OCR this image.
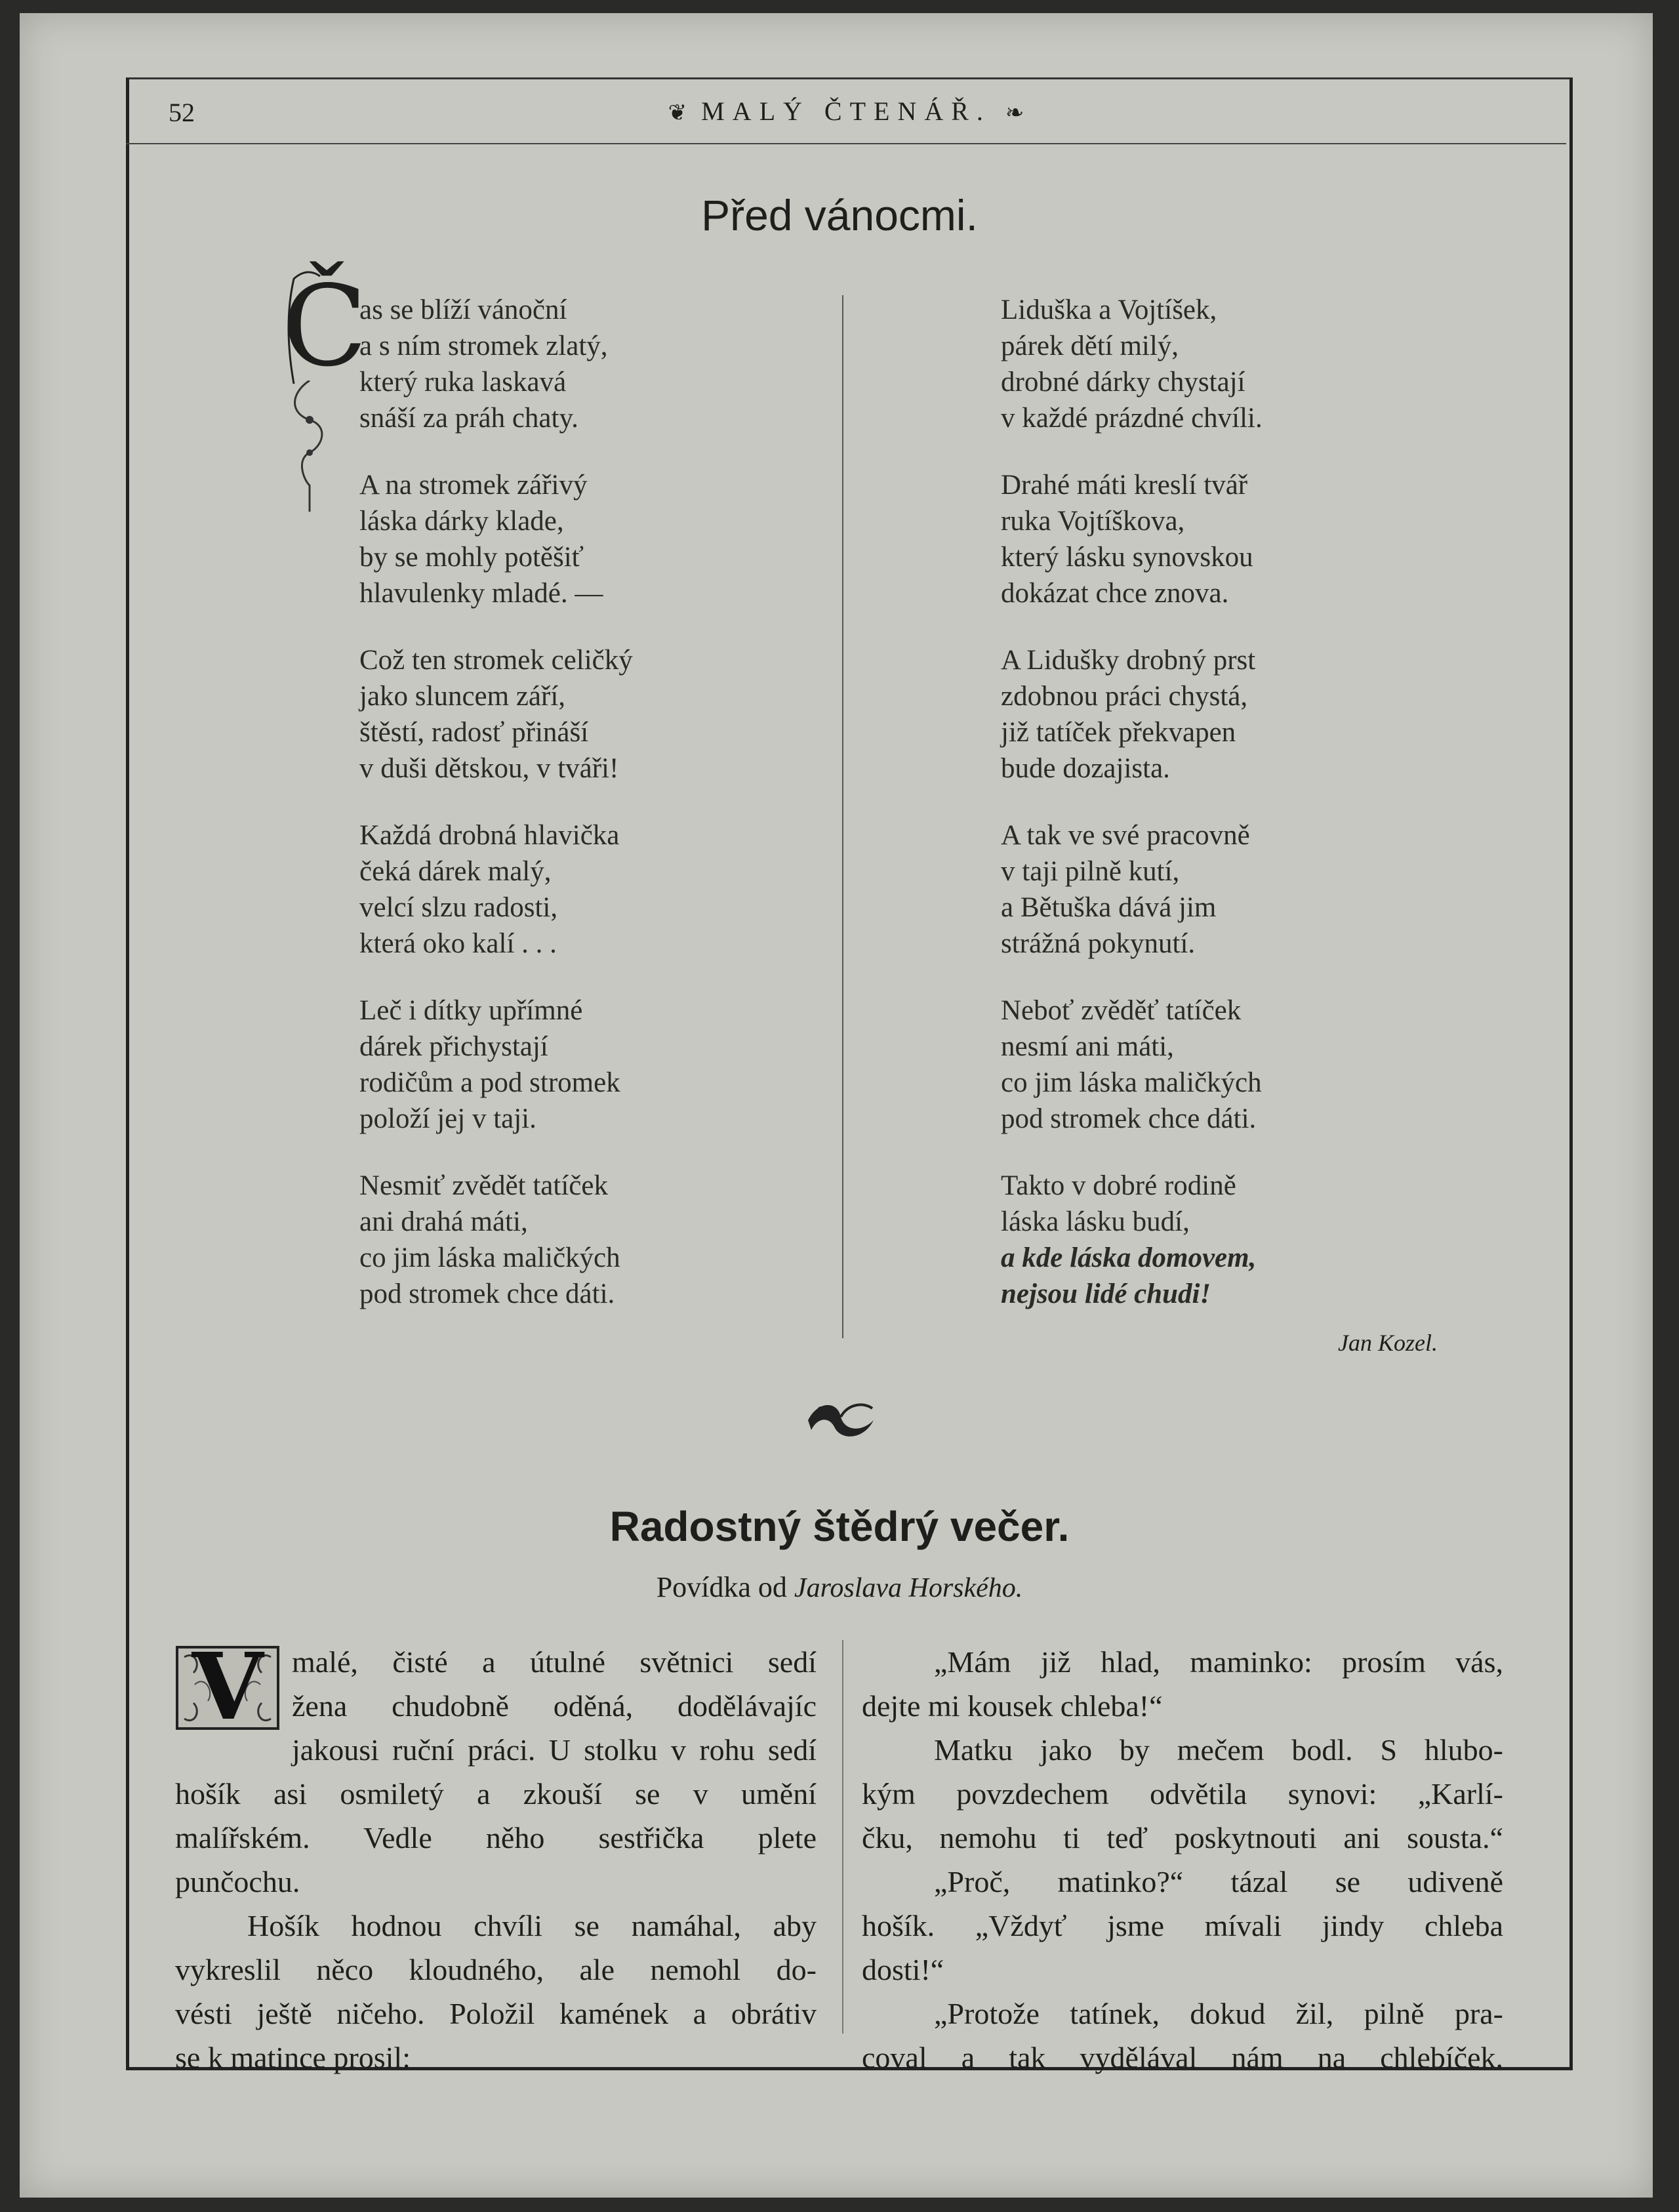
52	❦ MALÝ ČTENÁŘ. ❧
Před vánocmi.
Č
as se blíží vánoční
a s ním stromek zlatý,
který ruka laskavá
snáší za práh chaty.
A na stromek zářivý
láska dárky klade,
by se mohly potěšiť
hlavulenky mladé. —
Což ten stromek celičký
jako sluncem září,
štěstí, radosť přináší
v duši dětskou, v tváři!
Každá drobná hlavička
čeká dárek malý,
velcí slzu radosti,
která oko kalí . . .
Leč i dítky upřímné
dárek přichystají
rodičům a pod stromek
položí jej v taji.
Nesmiť zvědět tatíček
ani drahá máti,
co jim láska maličkých
pod stromek chce dáti.
Liduška a Vojtíšek,
párek dětí milý,
drobné dárky chystají
v každé prázdné chvíli.
Drahé máti kreslí tvář
ruka Vojtíškova,
který lásku synovskou
dokázat chce znova.
A Lidušky drobný prst
zdobnou práci chystá,
již tatíček překvapen
bude dozajista.
A tak ve své pracovně
v taji pilně kutí,
a Bětuška dává jim
strážná pokynutí.
Neboť zvěděť tatíček
nesmí ani máti,
co jim láska maličkých
pod stromek chce dáti.
Takto v dobré rodině
láska lásku budí,
a kde láska domovem,
nejsou lidé chudi!
Jan Kozel.
Radostný štědrý večer.
Povídka od Jaroslava Horského.
V malé, čisté a útulné světnici sedí
žena chudobně oděná, dodělávajíc
jakousi ruční práci. U stolku v rohu sedí
hošík asi osmiletý a zkouší se v umění
malířském. Vedle něho sestřička plete
punčochu.

Hošík hodnou chvíli se namáhal, aby
vykreslil něco kloudného, ale nemohl do-
vésti ještě ničeho. Položil kamének a obrátiv
se k matince prosil:

„Mám již hlad, maminko: prosím vás,
dejte mi kousek chleba!“

Matku jako by mečem bodl. S hlubo-
kým povzdechem odvětila synovi: „Karlí-
čku, nemohu ti teď poskytnouti ani sousta.“

„Proč, matinko?“ tázal se udiveně
hošík. „Vždyť jsme mívali jindy chleba
dosti!“

„Protože tatínek, dokud žil, pilně pra-
coval a tak vydělával nám na chlebíček.
